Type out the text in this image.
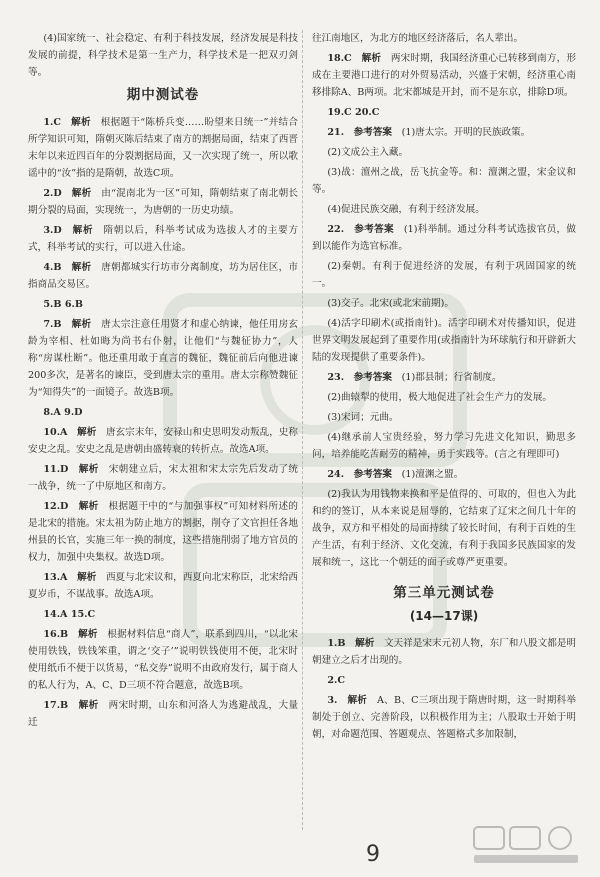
(4)国家统一、社会稳定、有利于科技发展，经济发展是科技发展的前提，科学技术是第一生产力，科学技术是一把双刃剑等。

期中测试卷

1.C　 解析　 根据题干“陈桥兵变……盼望来日统一”并结合所学知识可知，隋朝灭陈后结束了南方的割据局面，结束了西晋末年以来近四百年的分裂割据局面，又一次实现了统一，所以歌谣中的“汝”指的是隋朝，故选C项。

2.D　 解析　 由“混南北为一区”可知，隋朝结束了南北朝长期分裂的局面，实现统一，为唐朝的一历史功绩。

3.D　 解析　 隋朝以后，科举考试成为选拔人才的主要方式，科举考试的实行，可以进入仕途。

4.B　 解析　 唐朝都城实行坊市分离制度，坊为居住区，市指商品交易区。

5.B 6.B　

7.B　 解析　 唐太宗注意任用贤才和虚心纳谏，他任用房玄龄为宰相、杜如晦为尚书右仆射，让他们“与魏征协力”，人称“房谋杜断”。他还重用敢于直言的魏征，魏征前后向他进谏200多次，是著名的谏臣，受到唐太宗的重用。唐太宗称赞魏征为“知得失”的一面镜子。故选B项。

8.A 9.D　

10.A　 解析　 唐玄宗末年，安禄山和史思明发动叛乱，史称安史之乱。安史之乱是唐朝由盛转衰的转折点。故选A项。

11.D　 解析　 宋朝建立后，宋太祖和宋太宗先后发动了统一战争，统一了中原地区和南方。

12.D　 解析　 根据题干中的“与加强事权”可知材料所述的是北宋的措施。宋太祖为防止地方的割据，削夺了文官担任各地州县的长官，实施三年一换的制度，这些措施削弱了地方官员的权力，加强中央集权。故选D项。

13.A　 解析　 西夏与北宋议和，西夏向北宋称臣，北宋给西夏岁币，不谋战事。故选A项。

14.A 15.C　

16.B　 解析　 根据材料信息“商人”，联系到四川，“以北宋使用铁钱，铁钱笨重，谓之‘交子’”说明铁钱使用不便，北宋时使用纸币不便于以货易，“私交券”说明不由政府发行，属于商人的私人行为，A、C、D三项不符合题意，故选B项。

17.B　 解析　 两宋时期，山东和河洛人为逃避战乱，大量迁

往江南地区，为北方的地区经济落后，名人辈出。

18.C　 解析　 两宋时期，我国经济重心已转移到南方，形成在主要港口进行的对外贸易活动，兴盛于宋朝，经济重心南移排除A、B两项。北宋都城是开封，而不是东京，排除D项。

19.C 20.C　

21.　 参考答案　 (1)唐太宗。开明的民族政策。

(2)文成公主入藏。

(3)战：澶州之战，岳飞抗金等。和：澶渊之盟，宋金议和等。

(4)促进民族交融，有利于经济发展。

22.　 参考答案　 (1)科举制。通过分科考试选拔官员，做到以能作为选官标准。

(2)秦朝。有利于促进经济的发展，有利于巩固国家的统一。

(3)交子。北宋(或北宋前期)。

(4)活字印刷术(或指南针)。活字印刷术对传播知识，促进世界文明发展起到了重要作用(或指南针为环球航行和开辟新大陆的发现提供了重要条件)。

23.　 参考答案　 (1)郡县制；行省制度。

(2)曲辕犁的使用，极大地促进了社会生产力的发展。

(3)宋词；元曲。

(4)继承前人宝贵经验，努力学习先进文化知识，勤思多问，培养能吃苦耐劳的精神，勇于实践等。(言之有理即可)

24.　 参考答案　 (1)澶渊之盟。

(2)我认为用钱物来换和平是值得的、可取的，但也入为此和约的签订，从本来说是屈辱的，它结束了辽宋之间几十年的战争，双方和平相处的局面持续了较长时间，有利于百姓的生产生活，有利于经济、文化交流，有利于我国多民族国家的发展和统一，这比一个朝廷的面子或尊严更重要。

第三单元测试卷
(14—17课)

1.B　 解析　 文天祥是宋末元初人物，东厂和八股文都是明朝建立之后才出现的。

2.C　

3.　 解析　 A、B、C三项出现于隋唐时期，这一时期科举制处于创立、完善阶段，以积极作用为主；八股取士开始于明朝，对命题范围、答题观点、答题格式多加限制，

9
